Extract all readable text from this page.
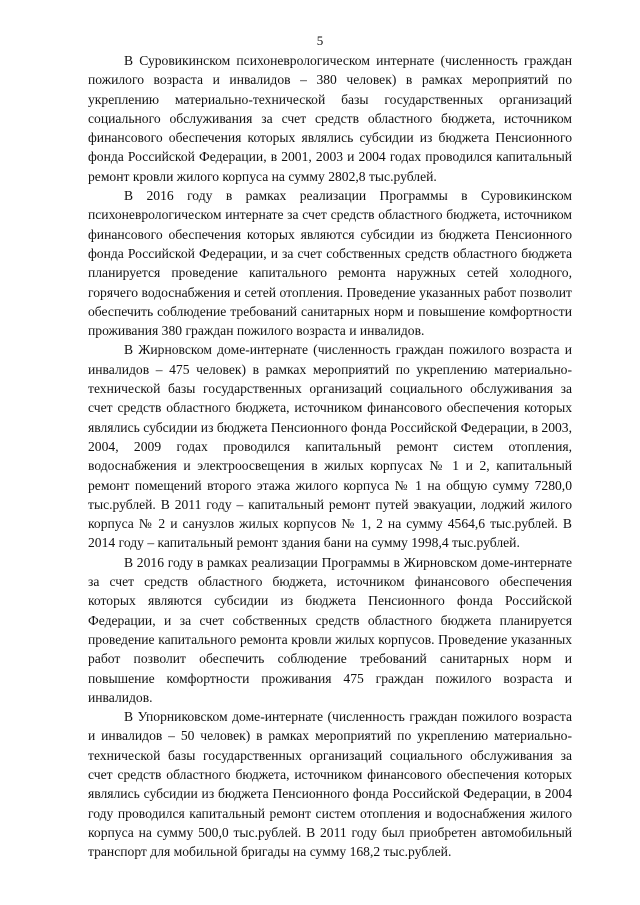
5

В Суровикинском психоневрологическом интернате (численность граждан пожилого возраста и инвалидов – 380 человек) в рамках мероприятий по укреплению материально-технической базы государственных организаций социального обслуживания за счет средств областного бюджета, источником финансового обеспечения которых являлись субсидии из бюджета Пенсионного фонда Российской Федерации, в 2001, 2003 и 2004 годах проводился капитальный ремонт кровли жилого корпуса на сумму 2802,8 тыс.рублей.

В 2016 году в рамках реализации Программы в Суровикинском психоневрологическом интернате за счет средств областного бюджета, источником финансового обеспечения которых являются субсидии из бюджета Пенсионного фонда Российской Федерации, и за счет собственных средств областного бюджета планируется проведение капитального ремонта наружных сетей холодного, горячего водоснабжения и сетей отопления. Проведение указанных работ позволит обеспечить соблюдение требований санитарных норм и повышение комфортности проживания 380 граждан пожилого возраста и инвалидов.

В Жирновском доме-интернате (численность граждан пожилого возраста и инвалидов – 475 человек) в рамках мероприятий по укреплению материально-технической базы государственных организаций социального обслуживания за счет средств областного бюджета, источником финансового обеспечения которых являлись субсидии из бюджета Пенсионного фонда Российской Федерации, в 2003, 2004, 2009 годах проводился капитальный ремонт систем отопления, водоснабжения и электроосвещения в жилых корпусах № 1 и 2, капитальный ремонт помещений второго этажа жилого корпуса № 1 на общую сумму 7280,0 тыс.рублей. В 2011 году – капитальный ремонт путей эвакуации, лоджий жилого корпуса № 2 и санузлов жилых корпусов № 1, 2 на сумму 4564,6 тыс.рублей. В 2014 году – капитальный ремонт здания бани на сумму 1998,4 тыс.рублей.

В 2016 году в рамках реализации Программы в Жирновском доме-интернате за счет средств областного бюджета, источником финансового обеспечения которых являются субсидии из бюджета Пенсионного фонда Российской Федерации, и за счет собственных средств областного бюджета планируется проведение капитального ремонта кровли жилых корпусов. Проведение указанных работ позволит обеспечить соблюдение требований санитарных норм и повышение комфортности проживания 475 граждан пожилого возраста и инвалидов.

В Упорниковском доме-интернате (численность граждан пожилого возраста и инвалидов – 50 человек) в рамках мероприятий по укреплению материально-технической базы государственных организаций социального обслуживания за счет средств областного бюджета, источником финансового обеспечения которых являлись субсидии из бюджета Пенсионного фонда Российской Федерации, в 2004 году проводился капитальный ремонт систем отопления и водоснабжения жилого корпуса на сумму 500,0 тыс.рублей. В 2011 году был приобретен автомобильный транспорт для мобильной бригады на сумму 168,2 тыс.рублей.
